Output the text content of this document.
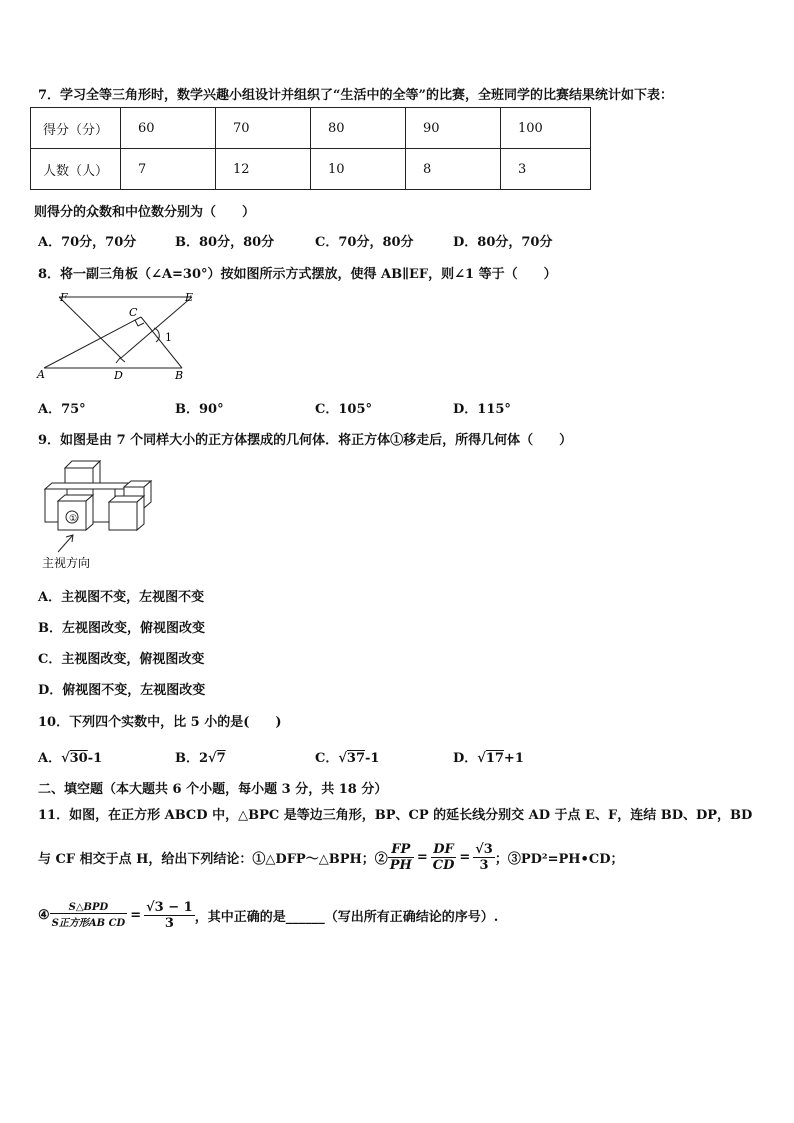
7．学习全等三角形时，数学兴趣小组设计并组织了“生活中的全等”的比赛，全班同学的比赛结果统计如下表：
得分（分）	60	70	80	90	100
人数（人）	7	12	10	8	3
则得分的众数和中位数分别为（　　）
A．70分，70分	B．80分，80分	C．70分，80分	D．80分，70分
8．将一副三角板（∠A=30°）按如图所示方式摆放，使得 AB∥EF，则∠1 等于（　　）
F	E
C
1
A	D	B
A．75°	B．90°	C．105°	D．115°
9．如图是由 7 个同样大小的正方体摆成的几何体．将正方体①移走后，所得几何体（　　）
①
主视方向
A．主视图不变，左视图不变
B．左视图改变，俯视图改变
C．主视图改变，俯视图改变
D．俯视图不变，左视图改变
10．下列四个实数中，比 5 小的是(　　)
A．√30-1	B．2√7	C．√37-1	D．√17+1
二、填空题（本大题共 6 个小题，每小题 3 分，共 18 分）
11．如图，在正方形 ABCD 中，△BPC 是等边三角形，BP、CP 的延长线分别交 AD 于点 E、F，连结 BD、DP，BD
与 CF 相交于点 H，给出下列结论：①△DFP～△BPH；② $\frac{FP}{PH} = \frac{DF}{CD} = \frac{√3}{3}$ ；③PD²=PH•CD；
④ $\frac{\text{S△BPD}}{\text{S正方形AB CD}} = \frac{√3 - 1}{3}$ ，其中正确的是______（写出所有正确结论的序号）.
